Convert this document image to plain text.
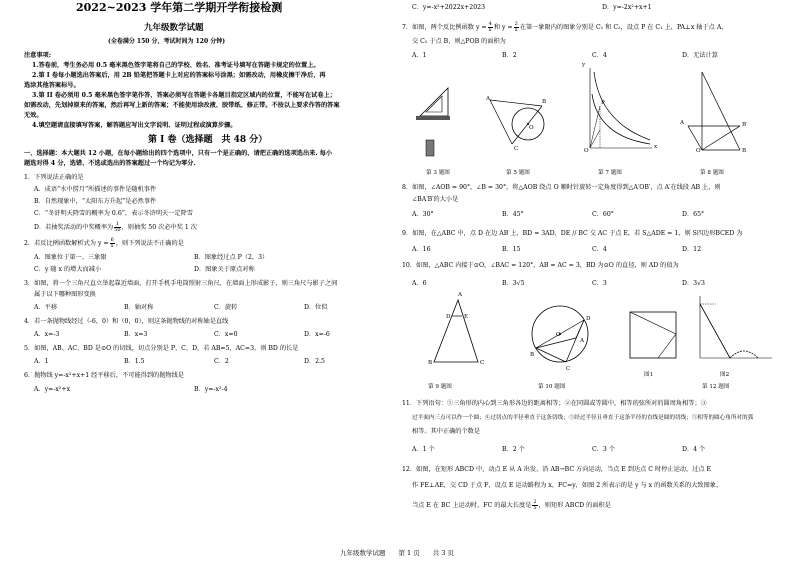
2022~2023 学年第二学期开学衔接检测
九年级数学试题
(全卷满分 150 分，考试时间为 120 分钟)
注意事项:
1.答卷前，考生务必用 0.5 毫米黑色签字笔将自己的学校、姓名、准考证号填写在答题卡规定的位置上。
2.第 I 卷每小题选出答案后，用 2B 铅笔把答题卡上对应的答案标号涂黑；如需改动，用橡皮擦干净后，再
选涂其他答案标号。
3.第 II 卷必须用 0.5 毫米黑色签字笔作答，答案必须写在答题卡各题目指定区域内的位置，不能写在试卷上；
如需改动，先划掉原来的答案，然后再写上新的答案；不能使用涂改液、胶带纸、修正带。不按以上要求作答的答案
无效。
4.填空题请直接填写答案，解答题应写出文字说明、证明过程或演算步骤。
第 I 卷（选择题　共 48 分）
一、选择题：本大题共 12 小题，在每小题给出的四个选项中，只有一个是正确的，请把正确的选项选出来. 每小
题选对得 4 分，选错、不选或选出的答案超过一个均记为零分.
1．下列说法正确的是
A．成语“水中捞月”所描述的事件是随机事件
B．自然现象中，“太阳东方升起”是必然事件
C．“冬浒明天降雪的概率为 0.6”，表示冬浒明天一定降雪
D．若抽奖活动的中奖概率为 $\frac{1}{50}$ ，则抽奖 50 次必中奖 1 次
2．若反比例函数解析式为 $y = \frac{6}{x}$ ，则下列说法不正确的是
A．图象位于第一、三象限	B．图象经过点 P（2，3）
C．y 随 x 的增大而减小	D．图象关于原点对称
3．如图，将一个三角尺直立举起靠近墙面，打开手机手电筒照射三角尺，在墙面上形成影子，则三角尺与影子之间
属于以下哪种图形变换
A．平移	B．轴对称	C．旋转	D．位似
4．若一条抛物线经过（-6，0）和（0，0），则这条抛物线的对称轴是直线
A．x=-3	B．x=3	C．x=0	D．x=-6
5．如图，AB、AC、BD 是⊙O 的切线，切点分别是 P、C、D，若 AB=5，AC=3，则 BD 的长是
A．1	B．1.5	C．2	D．2.5
6．抛物线 y=-x²+x+1 经平移后，不可能得到的抛物线是
A．y=-x²+x	B．y=-x²-4
C．y=-x²+2022x+2023	D．y=-2x²+x+1
7．如图，两个反比例函数 $y = \frac{4}{x}$ 和 $y = \frac{2}{x}$ 在第一象限内的图象分别是 C₁ 和 C₂，设点 P 在 C₁ 上，PA⊥x 轴于点 A，
交 C₂ 于点 B，则△POB 的面积为
A．1	B．2	C．4	D．无法计算
A	B
O
C
y
x
O
P
A	B′
B
O
第 3 题图	第 5 题图	第 7 题图	第 8 题图
8．如图，∠AOB = 90°，∠B = 30°，将△AOB 绕点 O 顺时针旋转一定角度得到△A′OB′，点 A′在线段 AB 上，则
∠BA′B′的大小是
A．30°	B．45°	C．60°	D．65°
9．如图，在△ABC 中，点 D 在边 AB 上，BD = 3AD，DE // BC 交 AC 于点 E，若 S△ADE = 1，则 S四边形BCED 为
A．16	B．15	C．4	D．12
10．如图，△ABC 内接于⊙O，∠BAC = 120°，AB = AC = 3，BD 为⊙O 的直径，则 AD 的值为
A．6	B．3√5	C．3	D．3√3
A
D E
B	C
A
B
D
C
O
图1	图2
第 9 题图	第 10 题图	第 12 题图
11．下列语句：①三角形的内心到三角形各边的距离相等；②在同圆或等圆中，相等的弦所对的圆周角相等；③
过平面内三点可以作一个圆；④过切点的半径垂直于这条切线；⑤经过半径且垂直于这条半径的直线是圆的切线；⑤相等的圆心角所对的弧
相等。其中正确的个数是
A．1 个	B．2 个	C．3 个	D．4 个
12．如图，在矩形 ABCD 中，动点 E 从 A 出发，沿 AB→BC 方向运动，当点 E 到达点 C 时停止运动，过点 E
作 FE⊥AE，交 CD 于点 F，设点 E 运动路程为 x，FC=y，如图 2 所表示的是 y 与 x 的函数关系的大致图象，
当点 E 在 BC 上运动时，FC 的最大长度是 $\frac{2}{5}$ ，则矩形 ABCD 的面积是
九年级数学试题　　第 1 页　　共 3 页
